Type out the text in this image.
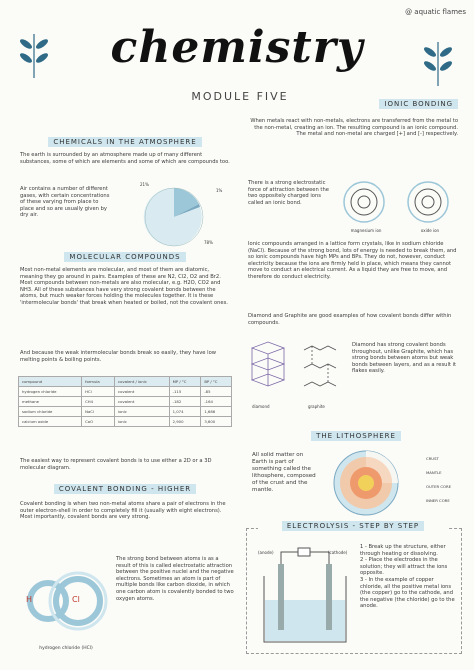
@ aquatic flames
chemistry
MODULE FIVE
CHEMICALS IN THE ATMOSPHERE
The earth is surrounded by an atmosphere made up of many different substances, some of which are elements and some of which are compounds too.
Air contains a number of different gases, with certain concentrations of these varying from place to place and so are usually given by dry air.
21%
1%
78%
MOLECULAR COMPOUNDS
Most non-metal elements are molecular, and most of them are diatomic, meaning they go around in pairs. Examples of these are N2, Cl2, O2 and Br2. Most compounds between non-metals are also molecular, e.g. H2O, CO2 and NH3. All of these substances have very strong covalent bonds between the atoms, but much weaker forces holding the molecules together. It is these 'intermolecular bonds' that break when heated or boiled, not the covalent ones.
And because the weak intermolecular bonds break so easily, they have low melting points & boiling points.
compound	formula	covalent / ionic	MP / °C	BP / °C
hydrogen chloride	HCl	covalent	-115	-85
methane	CH4	covalent	-182	-164
sodium chloride	NaCl	ionic	1,074	1,686
calcium oxide	CaO	ionic	2,900	3,600
The easiest way to represent covalent bonds is to use either a 2D or a 3D molecular diagram.
COVALENT BONDING - HIGHER
Covalent bonding is when two non-metal atoms share a pair of electrons in the outer electron-shell in order to completely fill it (usually with eight electrons). Most importantly, covalent bonds are very strong.
H	Cl
hydrogen chloride (HCl)
The strong bond between atoms is as a result of this is called electrostatic attraction between the positive nuclei and the negative electrons. Sometimes an atom is part of multiple bonds like carbon dioxide, in which one carbon atom is covalently bonded to two oxygen atoms.
IONIC BONDING
When metals react with non-metals, electrons are transferred from the metal to the non-metal, creating an ion. The resulting compound is an ionic compound. The metal and non-metal are charged [+] and [-] respectively.
There is a strong electrostatic force of attraction between the two oppositely charged ions called an ionic bond.
magnesium ion	oxide ion
Ionic compounds arranged in a lattice form crystals, like in sodium chloride (NaCl). Because of the strong bond, lots of energy is needed to break them, and so ionic compounds have high MPs and BPs. They do not, however, conduct electricity because the ions are firmly held in place, which means they cannot move to conduct an electrical current. As a liquid they are free to move, and therefore do conduct electricity.
Diamond and Graphite are good examples of how covalent bonds differ within compounds.
diamond	graphite
Diamond has strong covalent bonds throughout, unlike Graphite, which has strong bonds between atoms but weak bonds between layers, and as a result it flakes easily.
THE LITHOSPHERE
All solid matter on Earth is part of something called the lithosphere, composed of the crust and the mantle.
CRUST
MANTLE
OUTER CORE
INNER CORE
ELECTROLYSIS - STEP BY STEP
(anode)	(cathode)
1 - Break up the structure, either through heating or dissolving.
2 - Place the electrodes in the solution; they will attract the ions opposite.
3 - In the example of copper chloride, all the positive metal ions (the copper) go to the cathode, and the negative (the chloride) go to the anode.
